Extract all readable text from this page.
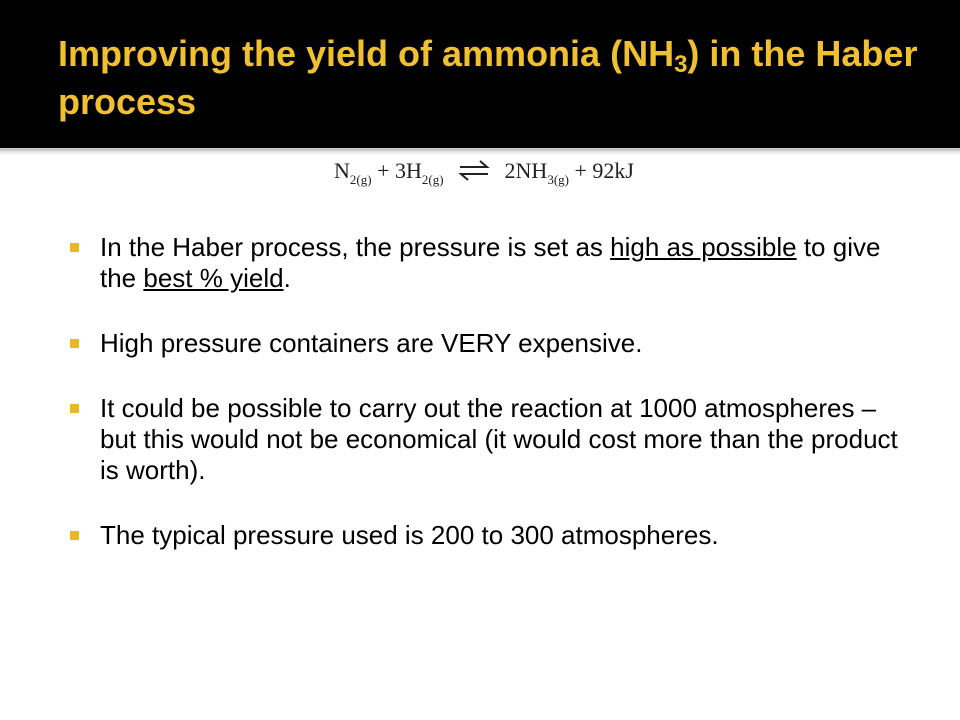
Improving the yield of ammonia $(NH_3)$ in the Haber process
$N_{2(g)} + 3H_{2(g)}$ ⇌ $2NH_{3(g)} + 92kJ$
In the Haber process, the pressure is set as high as possible to give the best % yield.
High pressure containers are VERY expensive.
It could be possible to carry out the reaction at 1000 atmospheres – but this would not be economical (it would cost more than the product is worth).
The typical pressure used is 200 to 300 atmospheres.
